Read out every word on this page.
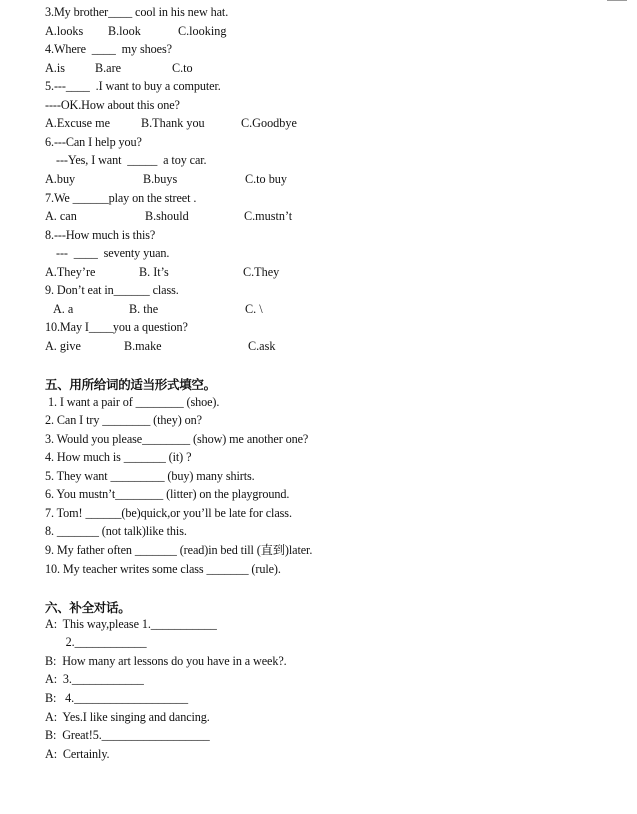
3.My brother____ cool in his new hat.
A.looks B.look	C.looking
4.Where  ____  my shoes?
A.is B.are	C.to
5.---____  .I want to buy a computer.
----OK.How about this one?
A.Excuse me	B.Thank you	C.Goodbye
6.---Can I help you?
---Yes, I want  _____  a toy car.
A.buy	B.buys	C.to buy
7.We ______play on the street .
A. can	B.should	C.mustn’t
8.---How much is this?
---  ____  seventy yuan.
A.They’re	B. It’s	C.They
9. Don’t eat in______ class.
A. a	B. the	C. \
10.May I____you a question?
A. give	B.make	C.ask
五、用所给词的适当形式填空。
1. I want a pair of ________ (shoe).
2. Can I try ________ (they) on?
3. Would you please________ (show) me another one?
4. How much is _______ (it) ?
5. They want _________ (buy) many shirts.
6. You mustn’t________ (litter) on the playground.
7. Tom! ______(be)quick,or you’ll be late for class.
8. _______ (not talk)like this.
9. My father often _______ (read)in bed till (直到)later.
10. My teacher writes some class _______ (rule).
六、补全对话。
A:  This way,please 1.___________
2.____________
B:  How many art lessons do you have in a week?.
A:  3.____________
B:   4.___________________
A:  Yes.I like singing and dancing.
B:  Great!5.__________________
A:  Certainly.
